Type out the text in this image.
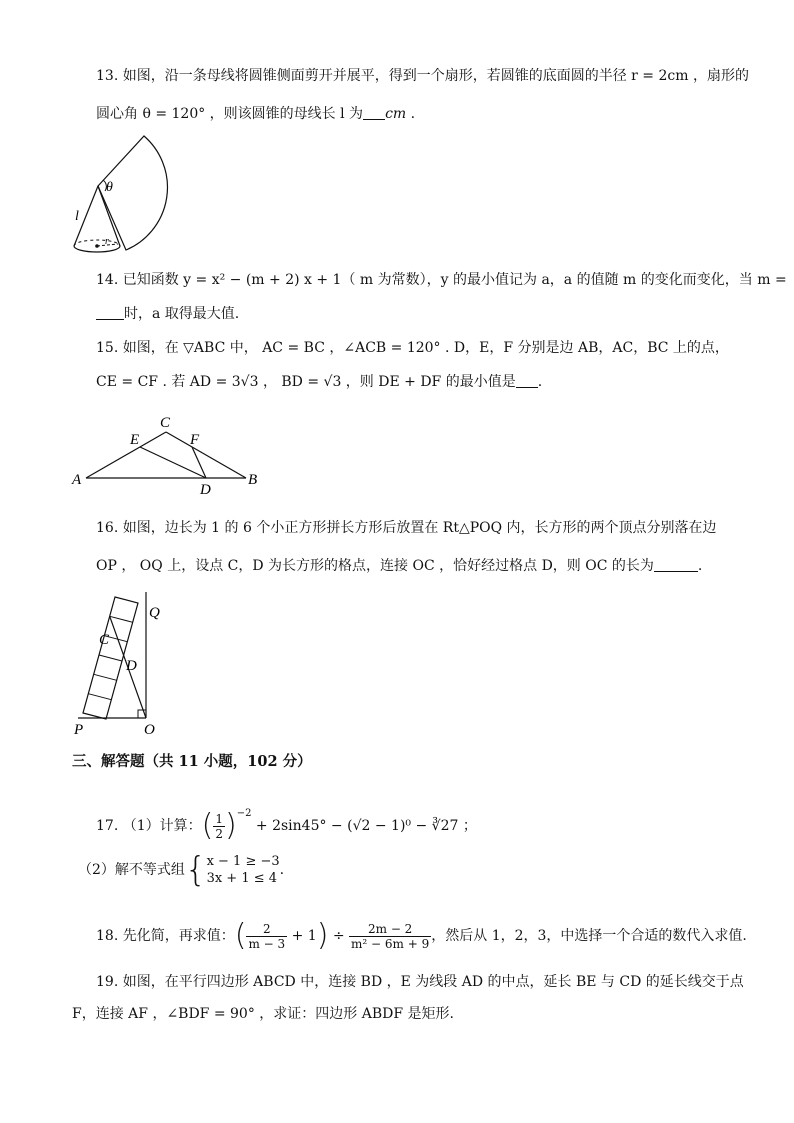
13. 如图，沿一条母线将圆锥侧面剪开并展平，得到一个扇形，若圆锥的底面圆的半径 r = 2cm ，扇形的
圆心角 θ = 120° ，则该圆锥的母线长 l 为 cm .
θ
l
r
14. 已知函数 y = x² − (m + 2) x + 1（ m 为常数），y 的最小值记为 a，a 的值随 m 的变化而变化，当 m =
时，a 取得最大值.
15. 如图，在 ▽ABC 中， AC = BC ，∠ACB = 120° . D，E，F 分别是边 AB，AC，BC 上的点，
CE = CF . 若 AD = 3√3 ， BD = √3 ，则 DE + DF 的最小值是 .
A	B
C
D
E	F
16. 如图，边长为 1 的 6 个小正方形拼长方形后放置在 Rt△POQ 内，长方形的两个顶点分别落在边
OP ， OQ 上，设点 C，D 为长方形的格点，连接 OC ，恰好经过格点 D，则 OC 的长为	.
P	O
Q
C
D
三、解答题（共 11 小题，102 分）
17. （1）计算：( $\frac{1}{2} )^{-2} + 2\sin 45^\circ - (√2 - 1)^0$ − ∛27 ；
（2）解不等式组{ x − 1 ≥ −3
3x + 1 ≤ 4
.
18. 先化简，再求值：( $\frac{2}{m - 3} + 1) \div \frac{2m - 2}{\text{m² − 6m + 9}}$ ，然后从 1，2，3，中选择一个合适的数代入求值.
19. 如图，在平行四边形 ABCD 中，连接 BD ，E 为线段 AD 的中点，延长 BE 与 CD 的延长线交于点
F，连接 AF ，∠BDF = 90° ，求证：四边形 ABDF 是矩形.
